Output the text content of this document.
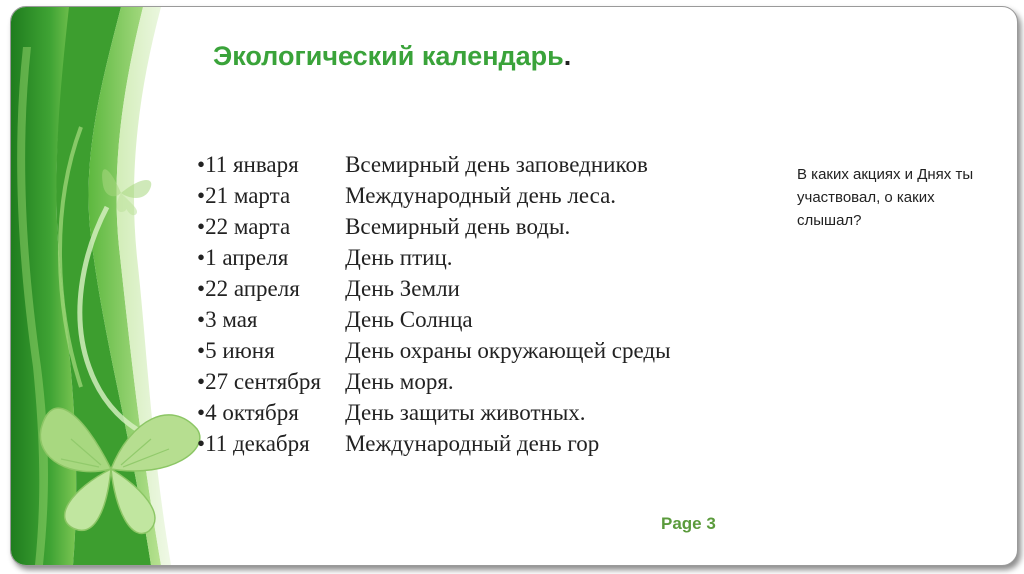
Экологический календарь.
•11 января Всемирный день заповедников
•21 марта Международный день леса.
•22 марта Всемирный день воды.
•1 апреля День птиц.
•22 апреля День Земли
•3 мая	День Солнца
•5 июня	День охраны окружающей среды
•27 сентября День моря.
•4 октября День защиты животных.
•11 декабря Международный день гор

В каких акциях и Днях ты участвовал, о каких слышал?

Page 3
